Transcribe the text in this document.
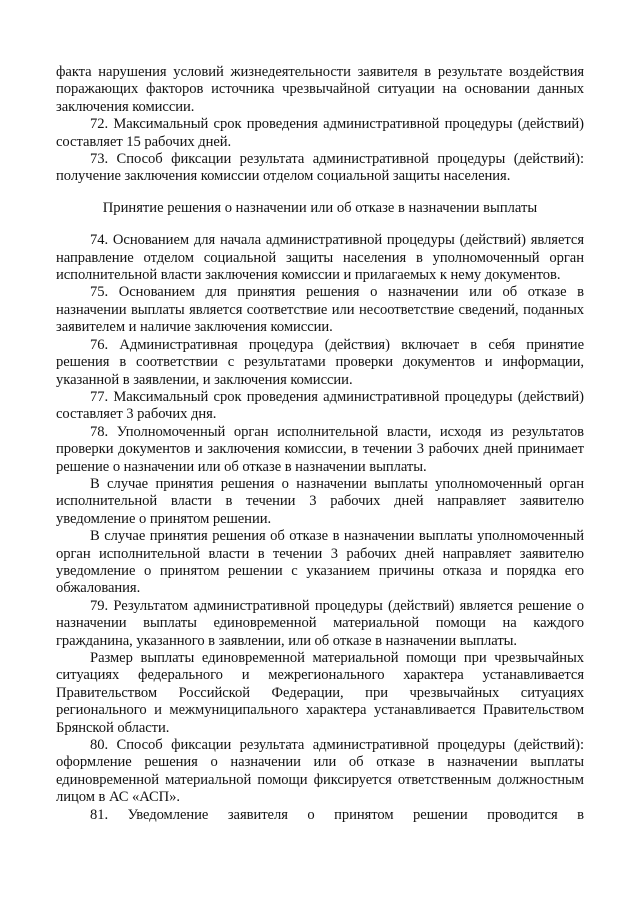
факта нарушения условий жизнедеятельности заявителя в результате воздействия поражающих факторов источника чрезвычайной ситуации на основании данных заключения комиссии.

72. Максимальный срок проведения административной процедуры (действий) составляет 15 рабочих дней.

73. Способ фиксации результата административной процедуры (действий): получение заключения комиссии отделом социальной защиты населения.

Принятие решения о назначении или об отказе в назначении выплаты

74. Основанием для начала административной процедуры (действий) является направление отделом социальной защиты населения в уполномоченный орган исполнительной власти заключения комиссии и прилагаемых к нему документов.

75. Основанием для принятия решения о назначении или об отказе в назначении выплаты является соответствие или несоответствие сведений, поданных заявителем и наличие заключения комиссии.

76. Административная процедура (действия) включает в себя принятие решения в соответствии с результатами проверки документов и информации, указанной в заявлении, и заключения комиссии.

77. Максимальный срок проведения административной процедуры (действий) составляет 3 рабочих дня.

78. Уполномоченный орган исполнительной власти, исходя из результатов проверки документов и заключения комиссии, в течении 3 рабочих дней принимает решение о назначении или об отказе в назначении выплаты.

В случае принятия решения о назначении выплаты уполномоченный орган исполнительной власти в течении 3 рабочих дней направляет заявителю уведомление о принятом решении.

В случае принятия решения об отказе в назначении выплаты уполномоченный орган исполнительной власти в течении 3 рабочих дней направляет заявителю уведомление о принятом решении с указанием причины отказа и порядка его обжалования.

79. Результатом административной процедуры (действий) является решение о назначении выплаты единовременной материальной помощи на каждого гражданина, указанного в заявлении, или об отказе в назначении выплаты.

Размер выплаты единовременной материальной помощи при чрезвычайных ситуациях федерального и межрегионального характера устанавливается Правительством Российской Федерации, при чрезвычайных ситуациях регионального и межмуниципального характера устанавливается Правительством Брянской области.

80. Способ фиксации результата административной процедуры (действий): оформление решения о назначении или об отказе в назначении выплаты единовременной материальной помощи фиксируется ответственным должностным лицом в АС «АСП».

81. Уведомление заявителя о принятом решении проводится в
